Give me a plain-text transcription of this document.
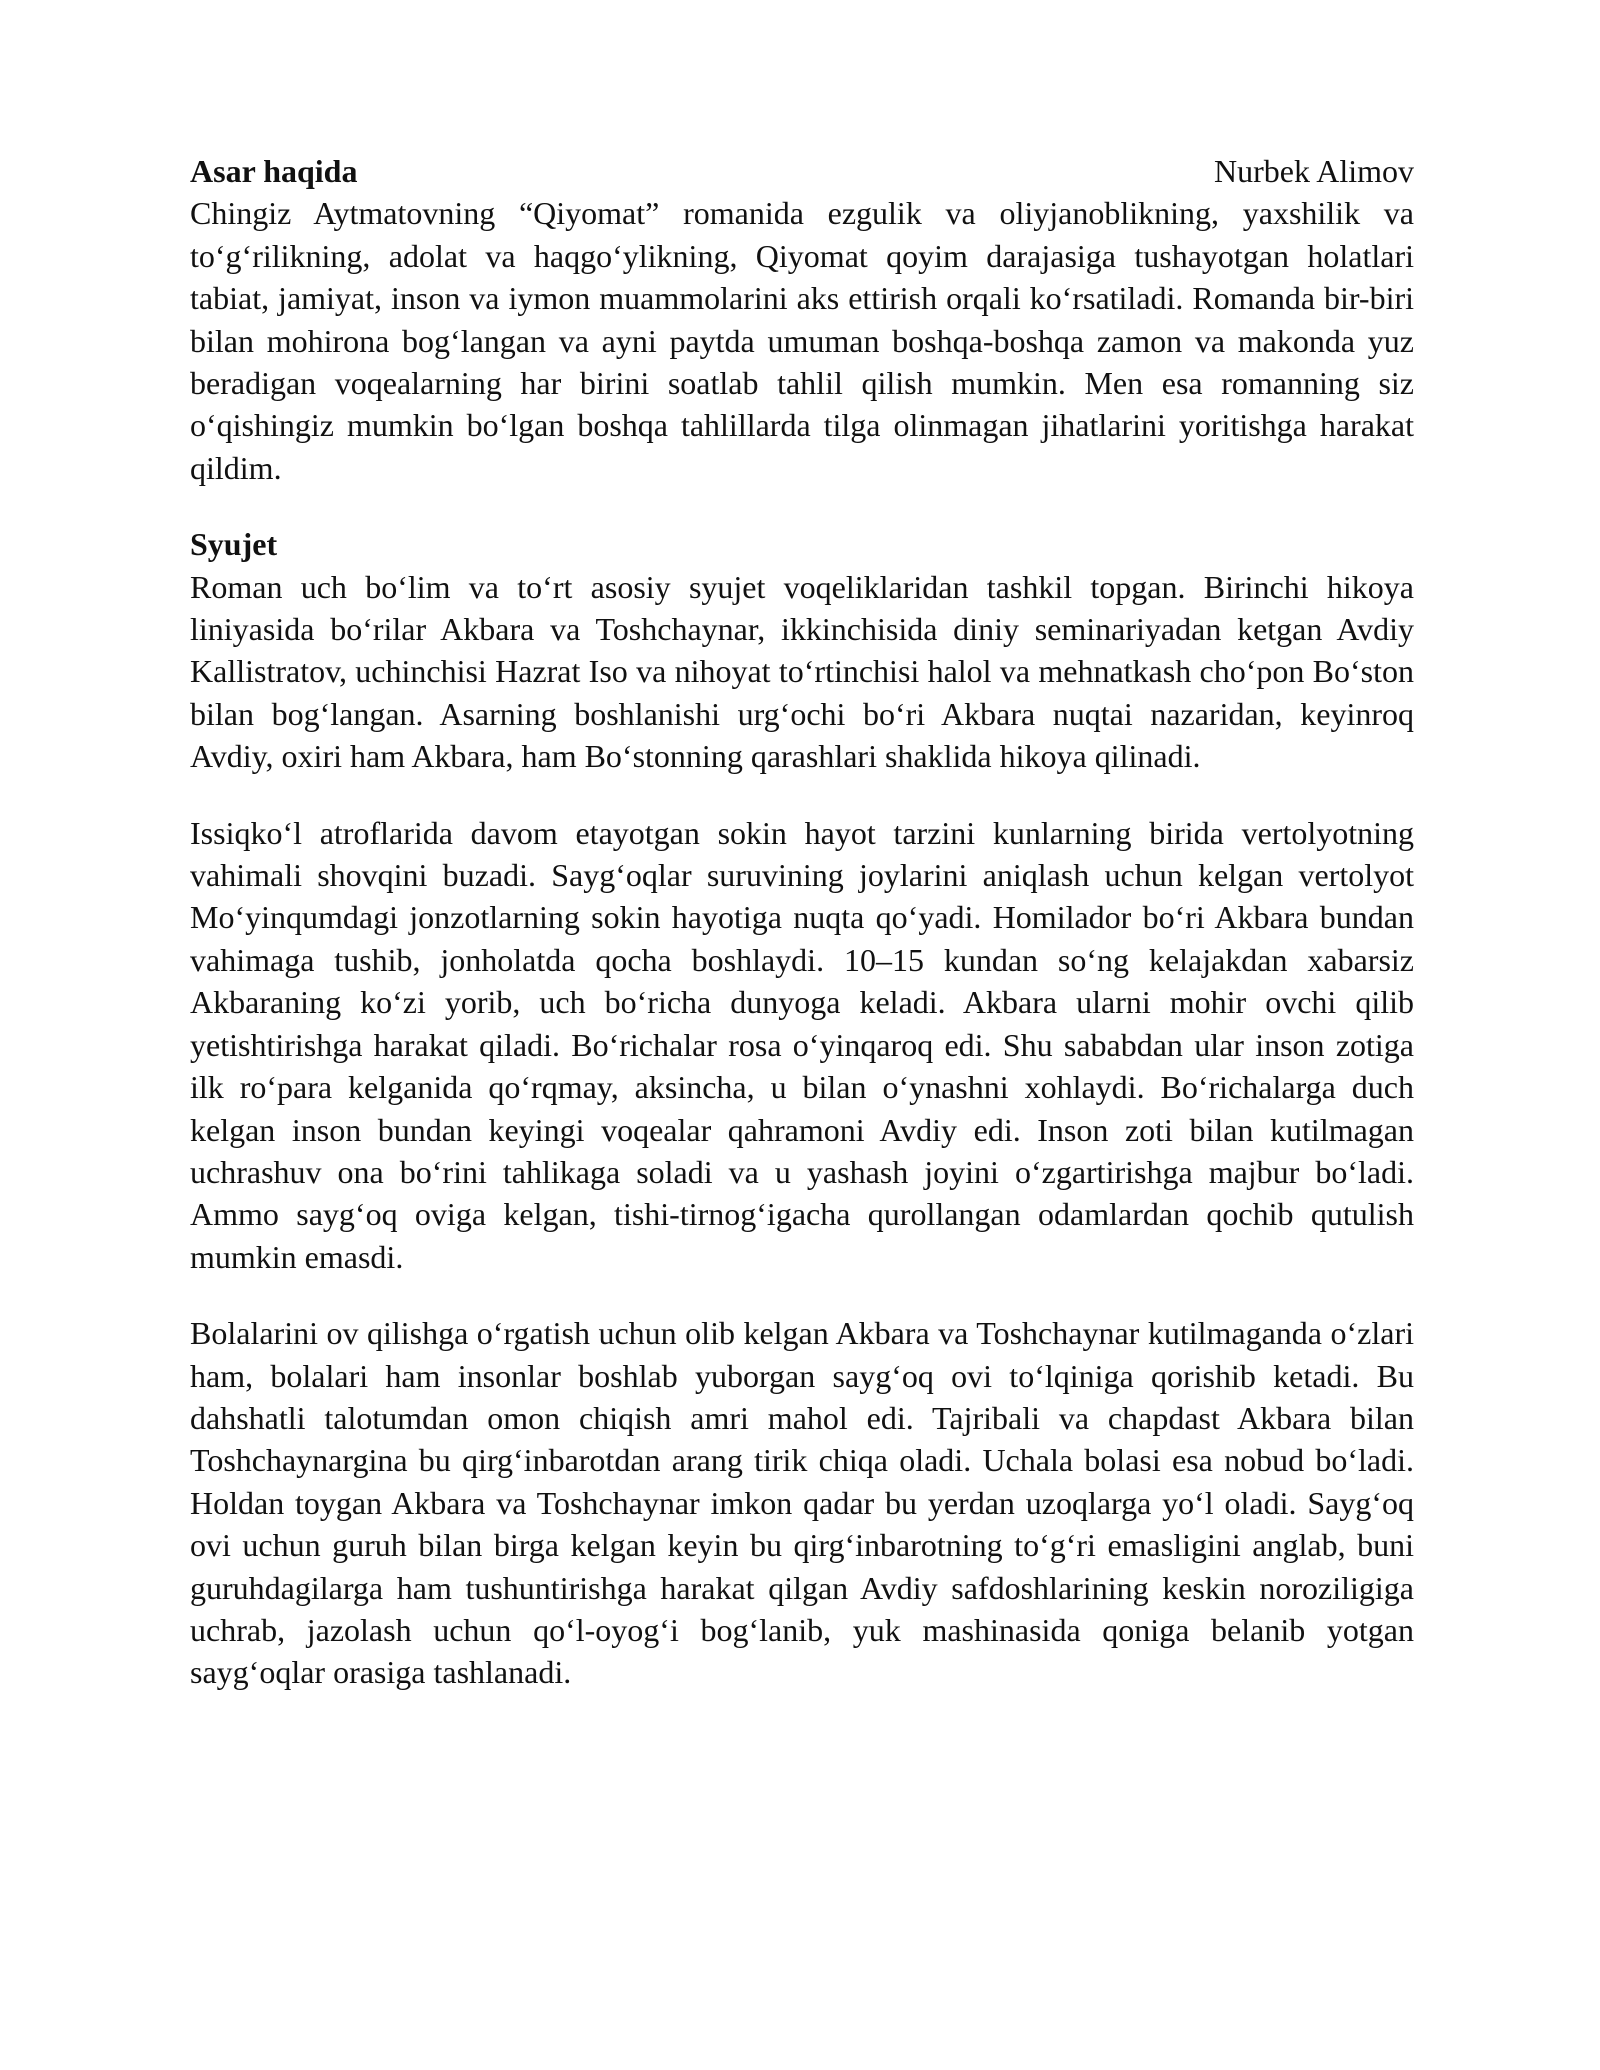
Asar haqida	Nurbek Alimov

Chingiz Aytmatovning “Qiyomat” romanida ezgulik va oliyjanoblikning, yaxshilik va to‘g‘rilikning, adolat va haqgo‘ylikning, Qiyomat qoyim darajasiga tushayotgan holatlari tabiat, jamiyat, inson va iymon muammolarini aks ettirish orqali ko‘rsatiladi. Romanda bir-biri bilan mohirona bog‘langan va ayni paytda umuman boshqa-boshqa zamon va makonda yuz beradigan voqealarning har birini soatlab tahlil qilish mumkin. Men esa romanning siz o‘qishingiz mumkin bo‘lgan boshqa tahlillarda tilga olinmagan jihatlarini yoritishga harakat qildim.

Syujet

Roman uch bo‘lim va to‘rt asosiy syujet voqeliklaridan tashkil topgan. Birinchi hikoya liniyasida bo‘rilar Akbara va Toshchaynar, ikkinchisida diniy seminariyadan ketgan Avdiy Kallistratov, uchinchisi Hazrat Iso va nihoyat to‘rtinchisi halol va mehnatkash cho‘pon Bo‘ston bilan bog‘langan. Asarning boshlanishi urg‘ochi bo‘ri Akbara nuqtai nazaridan, keyinroq Avdiy, oxiri ham Akbara, ham Bo‘stonning qarashlari shaklida hikoya qilinadi.

Issiqko‘l atroflarida davom etayotgan sokin hayot tarzini kunlarning birida vertolyotning vahimali shovqini buzadi. Sayg‘oqlar suruvining joylarini aniqlash uchun kelgan vertolyot Mo‘yinqumdagi jonzotlarning sokin hayotiga nuqta qo‘yadi. Homilador bo‘ri Akbara bundan vahimaga tushib, jonholatda qocha boshlaydi. 10–15 kundan so‘ng kelajakdan xabarsiz Akbaraning ko‘zi yorib, uch bo‘richa dunyoga keladi. Akbara ularni mohir ovchi qilib yetishtirishga harakat qiladi. Bo‘richalar rosa o‘yinqaroq edi. Shu sababdan ular inson zotiga ilk ro‘para kelganida qo‘rqmay, aksincha, u bilan o‘ynashni xohlaydi. Bo‘richalarga duch kelgan inson bundan keyingi voqealar qahramoni Avdiy edi. Inson zoti bilan kutilmagan uchrashuv ona bo‘rini tahlikaga soladi va u yashash joyini o‘zgartirishga majbur bo‘ladi. Ammo sayg‘oq oviga kelgan, tishi-tirnog‘igacha qurollangan odamlardan qochib qutulish mumkin emasdi.

Bolalarini ov qilishga o‘rgatish uchun olib kelgan Akbara va Toshchaynar kutilmaganda o‘zlari ham, bolalari ham insonlar boshlab yuborgan sayg‘oq ovi to‘lqiniga qorishib ketadi. Bu dahshatli talotumdan omon chiqish amri mahol edi. Tajribali va chapdast Akbara bilan Toshchaynargina bu qirg‘inbarotdan arang tirik chiqa oladi. Uchala bolasi esa nobud bo‘ladi. Holdan toygan Akbara va Toshchaynar imkon qadar bu yerdan uzoqlarga yo‘l oladi. Sayg‘oq ovi uchun guruh bilan birga kelgan keyin bu qirg‘inbarotning to‘g‘ri emasligini anglab, buni guruhdagilarga ham tushuntirishga harakat qilgan Avdiy safdoshlarining keskin noroziligiga uchrab, jazolash uchun qo‘l-oyog‘i bog‘lanib, yuk mashinasida qoniga belanib yotgan sayg‘oqlar orasiga tashlanadi.
